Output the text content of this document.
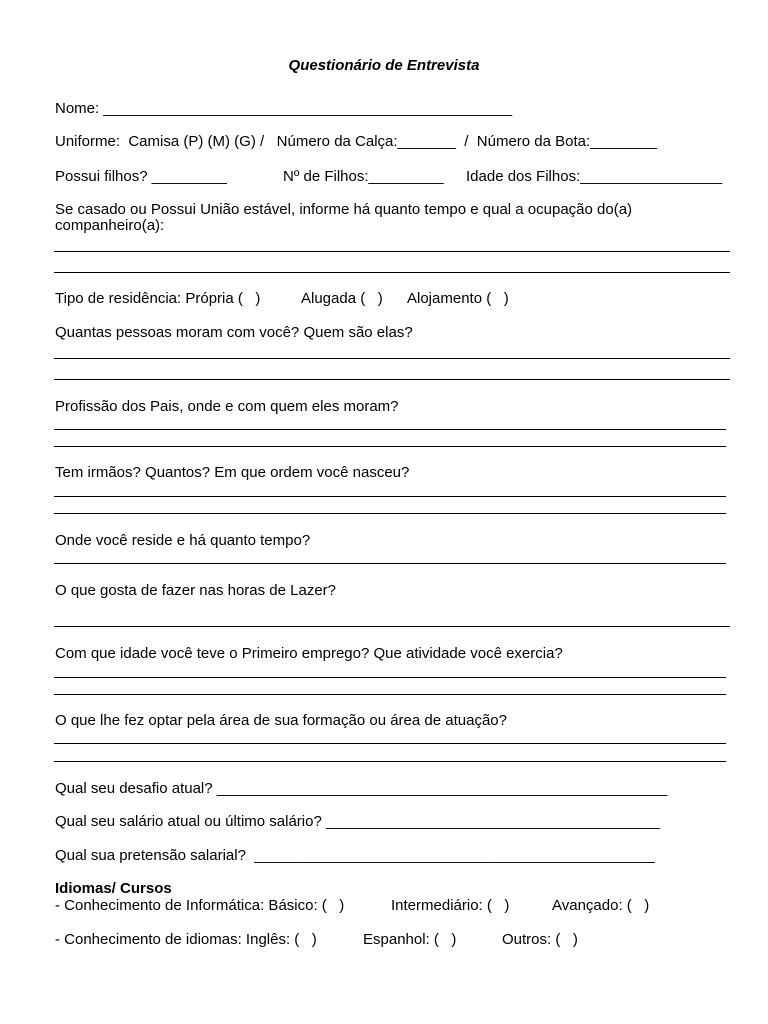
Questionário de Entrevista
Nome: _________________________________________________
Uniforme:  Camisa (P) (M) (G) /   Número da Calça:_______  /  Número da Bota:________
Possui filhos? _________	Nº de Filhos:_________ Idade dos Filhos:_________________
Se casado ou Possui União estável, informe há quanto tempo e qual a ocupação do(a)
companheiro(a):
Tipo de residência: Própria (   )	Alugada (   ) Alojamento (   )
Quantas pessoas moram com você? Quem são elas?
Profissão dos Pais, onde e com quem eles moram?
Tem irmãos? Quantos? Em que ordem você nasceu?
Onde você reside e há quanto tempo?
O que gosta de fazer nas horas de Lazer?
Com que idade você teve o Primeiro emprego? Que atividade você exercia?
O que lhe fez optar pela área de sua formação ou área de atuação?
Qual seu desafio atual? ______________________________________________________
Qual seu salário atual ou último salário? ________________________________________
Qual sua pretensão salarial?  ________________________________________________
Idiomas/ Cursos
- Conhecimento de Informática: Básico: (   )	Intermediário: (   )	Avançado: (   )
- Conhecimento de idiomas: Inglês: (   )	Espanhol: (   )	Outros: (   )
